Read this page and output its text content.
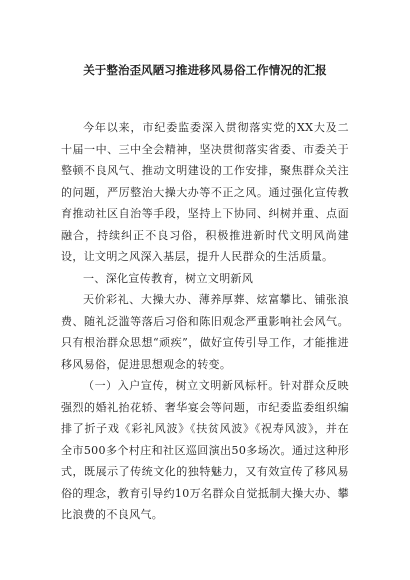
关于整治歪风陋习推进移风易俗工作情况的汇报

今年以来，市纪委监委深入贯彻落实党的XX大及二十届一中、三中全会精神，坚决贯彻落实省委、市委关于整顿不良风气、推动文明建设的工作安排，聚焦群众关注的问题，严厉整治大操大办等不正之风。通过强化宣传教育推动社区自治等手段，坚持上下协同、纠树并重、点面融合，持续纠正不良习俗，积极推进新时代文明风尚建设，让文明之风深入基层，提升人民群众的生活质量。

一、深化宣传教育，树立文明新风

天价彩礼、大操大办、薄养厚葬、炫富攀比、铺张浪费、随礼泛滥等落后习俗和陈旧观念严重影响社会风气。只有根治群众思想“顽疾”，做好宣传引导工作，才能推进移风易俗，促进思想观念的转变。

（一）入户宣传，树立文明新风标杆。针对群众反映强烈的婚礼抬花轿、奢华宴会等问题，市纪委监委组织编排了折子戏《彩礼风波》《扶贫风波》《祝寿风波》，并在全市500多个村庄和社区巡回演出50多场次。通过这种形式，既展示了传统文化的独特魅力，又有效宣传了移风易俗的理念，教育引导约10万名群众自觉抵制大操大办、攀比浪费的不良风气。
